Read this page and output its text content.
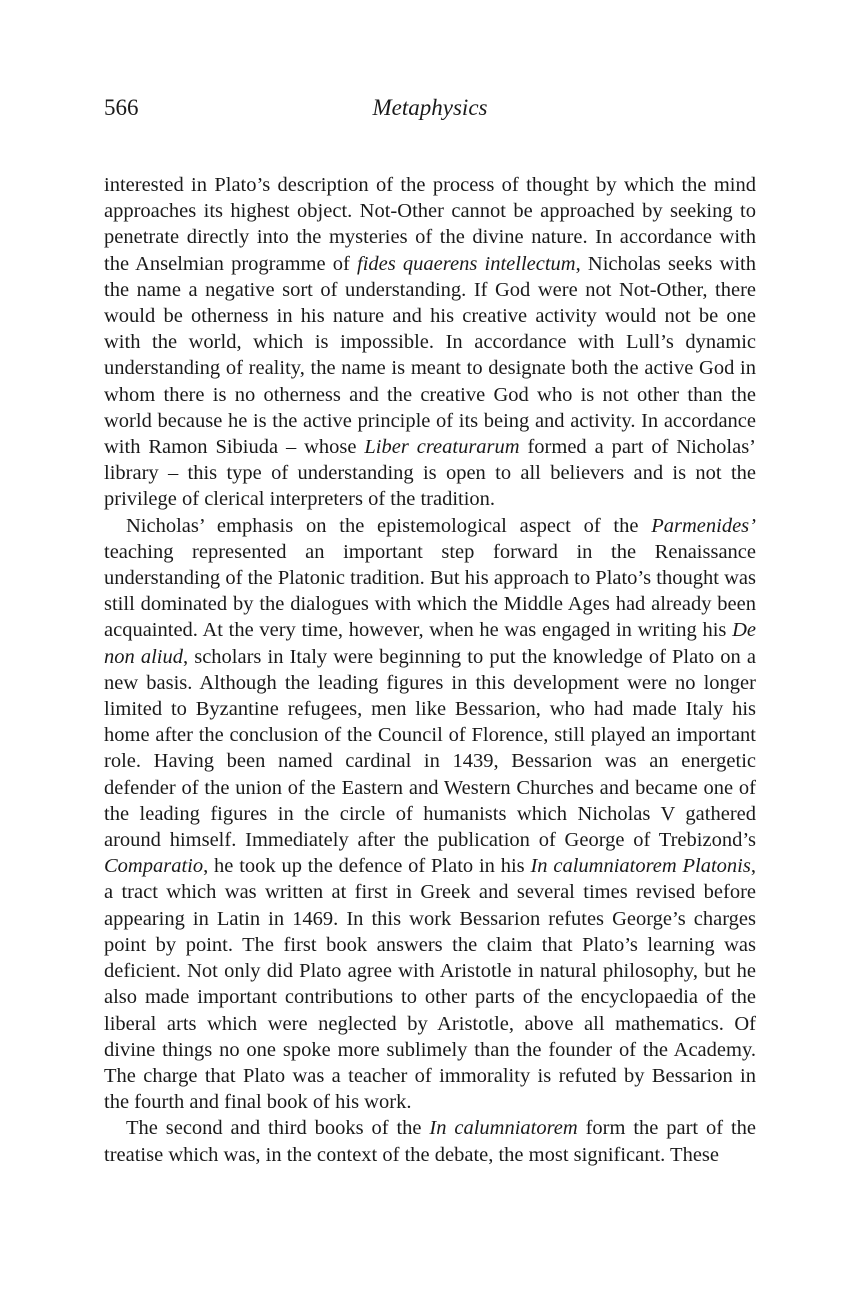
566	Metaphysics

interested in Plato’s description of the process of thought by which the mind approaches its highest object. Not-Other cannot be approached by seeking to penetrate directly into the mysteries of the divine nature. In accordance with the Anselmian programme of fides quaerens intellectum, Nicholas seeks with the name a negative sort of understanding. If God were not Not-Other, there would be otherness in his nature and his creative activity would not be one with the world, which is impossible. In accordance with Lull’s dynamic understanding of reality, the name is meant to designate both the active God in whom there is no otherness and the creative God who is not other than the world because he is the active principle of its being and activity. In accordance with Ramon Sibiuda – whose Liber creaturarum formed a part of Nicholas’ library – this type of understanding is open to all believers and is not the privilege of clerical interpreters of the tradition.

Nicholas’ emphasis on the epistemological aspect of the Parmenides’ teaching represented an important step forward in the Renaissance understanding of the Platonic tradition. But his approach to Plato’s thought was still dominated by the dialogues with which the Middle Ages had already been acquainted. At the very time, however, when he was engaged in writing his De non aliud, scholars in Italy were beginning to put the knowledge of Plato on a new basis. Although the leading figures in this development were no longer limited to Byzantine refugees, men like Bessarion, who had made Italy his home after the conclusion of the Council of Florence, still played an important role. Having been named cardinal in 1439, Bessarion was an energetic defender of the union of the Eastern and Western Churches and became one of the leading figures in the circle of humanists which Nicholas V gathered around himself. Immediately after the publication of George of Trebizond’s Comparatio, he took up the defence of Plato in his In calumniatorem Platonis, a tract which was written at first in Greek and several times revised before appearing in Latin in 1469. In this work Bessarion refutes George’s charges point by point. The first book answers the claim that Plato’s learning was deficient. Not only did Plato agree with Aristotle in natural philosophy, but he also made important contributions to other parts of the encyclopaedia of the liberal arts which were neglected by Aristotle, above all mathematics. Of divine things no one spoke more sublimely than the founder of the Academy. The charge that Plato was a teacher of immorality is refuted by Bessarion in the fourth and final book of his work.

The second and third books of the In calumniatorem form the part of the treatise which was, in the context of the debate, the most significant. These
